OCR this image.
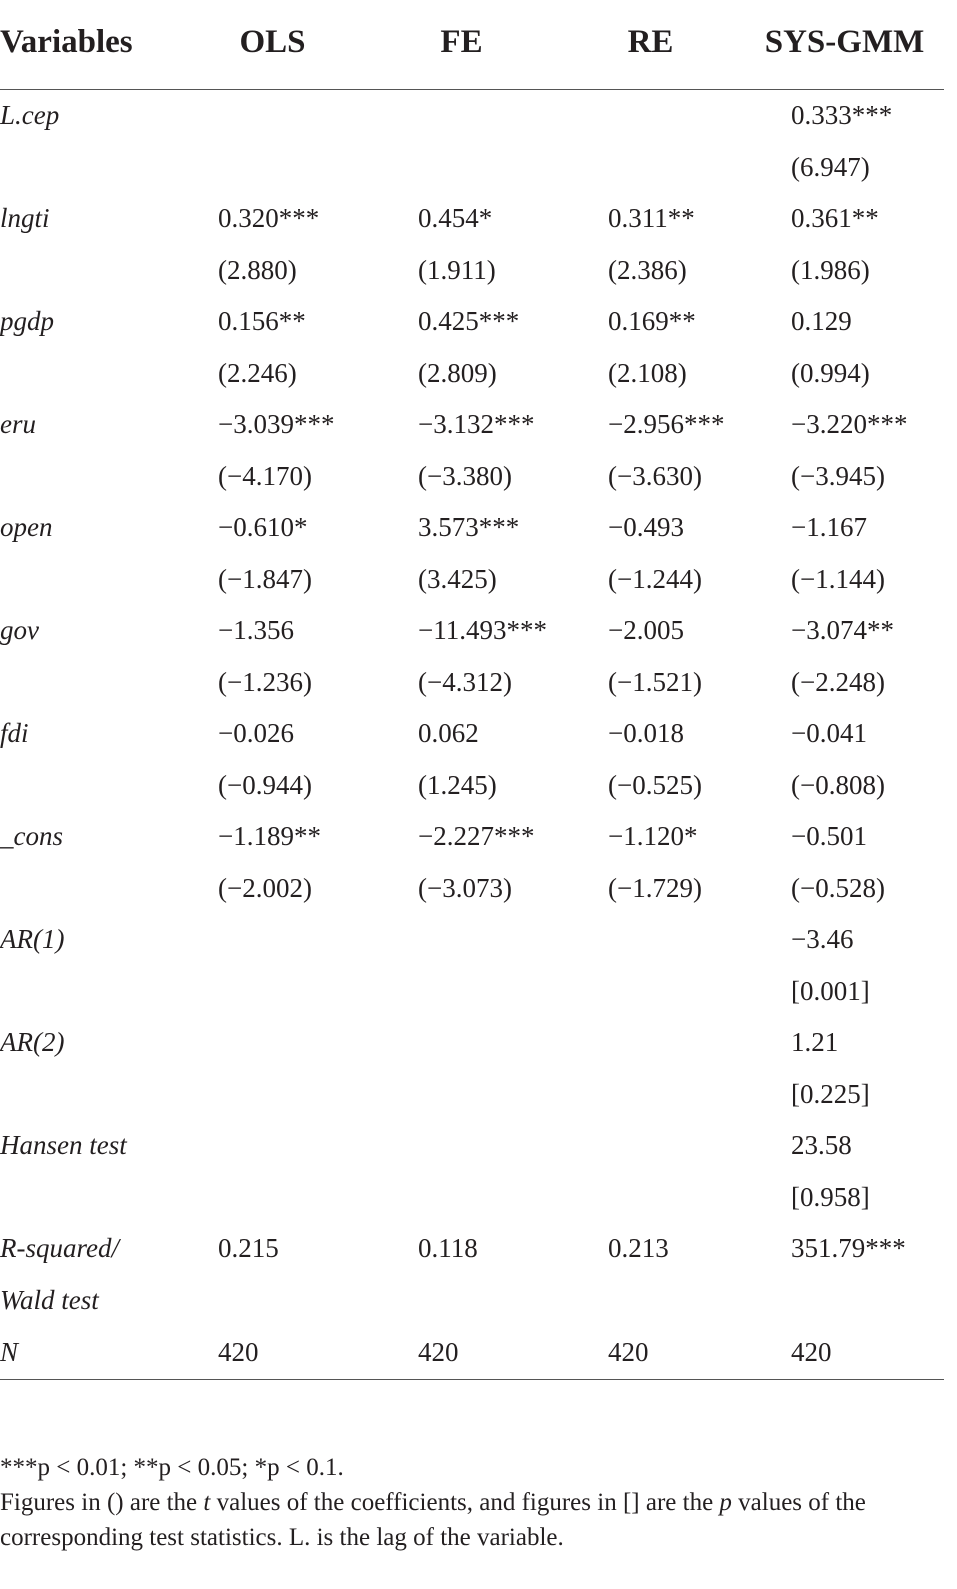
Variables	OLS	FE	RE	SYS-GMM
L.cep				0.333***
				(6.947)
lngti	0.320***	0.454*	0.311**	0.361**
	(2.880)	(1.911)	(2.386)	(1.986)
pgdp	0.156**	0.425***	0.169**	0.129
	(2.246)	(2.809)	(2.108)	(0.994)
eru	−3.039***	−3.132***	−2.956***	−3.220***
	(−4.170)	(−3.380)	(−3.630)	(−3.945)
open	−0.610*	3.573***	−0.493	−1.167
	(−1.847)	(3.425)	(−1.244)	(−1.144)
gov	−1.356	−11.493***	−2.005	−3.074**
	(−1.236)	(−4.312)	(−1.521)	(−2.248)
fdi	−0.026	0.062	−0.018	−0.041
	(−0.944)	(1.245)	(−0.525)	(−0.808)
_cons	−1.189**	−2.227***	−1.120*	−0.501
	(−2.002)	(−3.073)	(−1.729)	(−0.528)
AR(1)				−3.46
				[0.001]
AR(2)				1.21
				[0.225]
Hansen test				23.58
				[0.958]
R-squared/	0.215	0.118	0.213	351.79***
Wald test				
N	420	420	420	420

***p < 0.01; **p < 0.05; *p < 0.1.

Figures in () are the t values of the coefficients, and figures in [] are the p values of the corresponding test statistics. L. is the lag of the variable.
